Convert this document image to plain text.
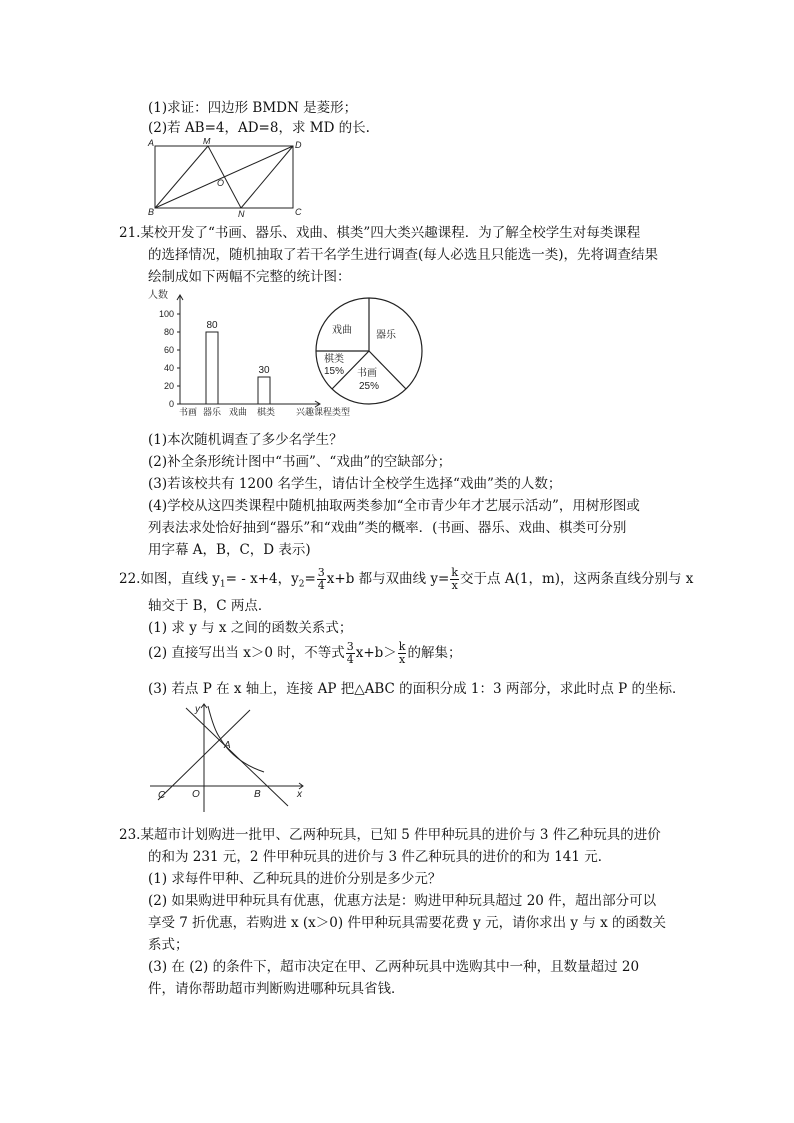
(1)求证：四边形 BMDN 是菱形；
(2)若 AB=4，AD=8，求 MD 的长.
A	M	D
O
B	N	C
21.某校开发了“书画、器乐、戏曲、棋类”四大类兴趣课程．为了解全校学生对每类课程
的选择情况，随机抽取了若干名学生进行调查(每人必选且只能选一类)，先将调查结果
绘制成如下两幅不完整的统计图：
人数
0
20
40
60
80
100
书画 器乐 戏曲 棋类 兴趣课程类型
80
30
戏曲 器乐
棋类
15% 书画
25%
(1)本次随机调查了多少名学生？
(2)补全条形统计图中“书画”、“戏曲”的空缺部分；
(3)若该校共有 1200 名学生，请估计全校学生选择“戏曲”类的人数；
(4)学校从这四类课程中随机抽取两类参加“全市青少年才艺展示活动”，用树形图或
列表法求处恰好抽到“器乐”和“戏曲”类的概率．(书画、器乐、戏曲、棋类可分别
用字幕 A，B，C，D 表示)
22.如图，直线 $y_1= - x+4$，$y_2= \frac{3}{4} x+b$ 都与双曲线 $y= \frac{k}{x}$ 交于点 A(1，m)，这两条直线分别与 x
轴交于 B，C 两点．
(1) 求 y 与 x 之间的函数关系式；
(2) 直接写出当 x＞0 时，不等式 $\frac{3}{4} x+b> \frac{k}{x}$ 的解集；
(3) 若点 P 在 x 轴上，连接 AP 把△ABC 的面积分成 1：3 两部分，求此时点 P 的坐标．
y
A
C	O	B	x
23.某超市计划购进一批甲、乙两种玩具，已知 5 件甲种玩具的进价与 3 件乙种玩具的进价
的和为 231 元，2 件甲种玩具的进价与 3 件乙种玩具的进价的和为 141 元．
(1) 求每件甲种、乙种玩具的进价分别是多少元？
(2) 如果购进甲种玩具有优惠，优惠方法是：购进甲种玩具超过 20 件，超出部分可以
享受 7 折优惠，若购进 x (x＞0) 件甲种玩具需要花费 y 元，请你求出 y 与 x 的函数关
系式；
(3) 在 (2) 的条件下，超市决定在甲、乙两种玩具中选购其中一种，且数量超过 20
件，请你帮助超市判断购进哪种玩具省钱．
